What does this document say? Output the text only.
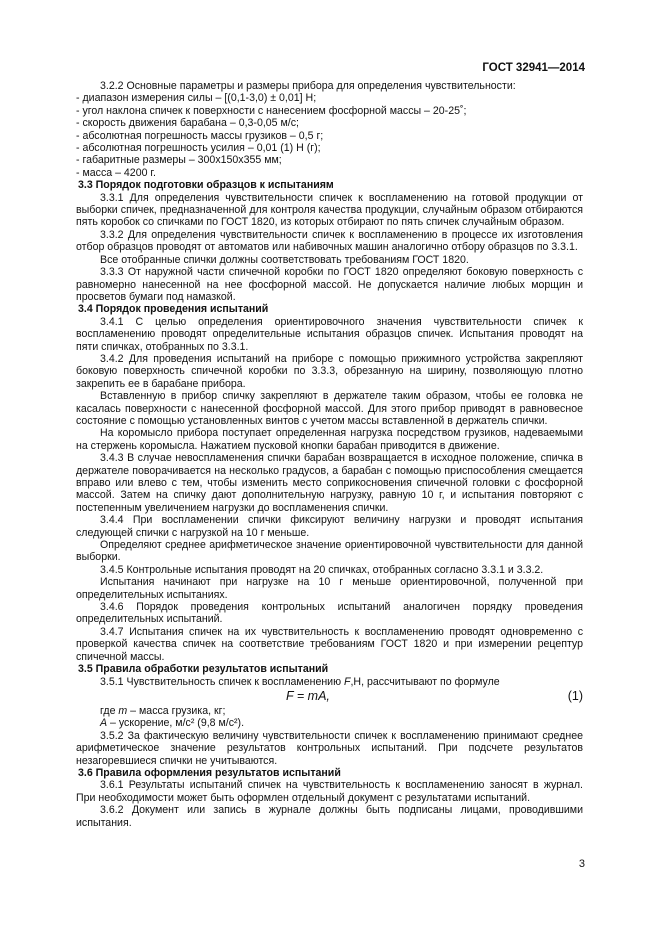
ГОСТ 32941—2014

3.2.2 Основные параметры и размеры прибора для определения чувствительности:

- диапазон измерения силы – [(0,1-3,0) ± 0,01] Н;

- угол наклона спичек к поверхности с нанесением фосфорной массы – 20-25˚;

- скорость движения барабана – 0,3-0,05 м/с;

- абсолютная погрешность массы грузиков – 0,5 г;

- абсолютная погрешность усилия – 0,01 (1) Н (г);

- габаритные размеры – 300x150x355 мм;

- масса – 4200 г.

3.3 Порядок подготовки образцов к испытаниям

3.3.1 Для определения чувствительности спичек к воспламенению на готовой продукции от выборки спичек, предназначенной для контроля качества продукции, случайным образом отбираются пять коробок со спичками по ГОСТ 1820, из которых отбирают по пять спичек случайным образом.

3.3.2 Для определения чувствительности спичек к воспламенению в процессе их изготовления отбор образцов проводят от автоматов или набивочных машин аналогично отбору образцов по 3.3.1.

Все отобранные спички должны соответствовать требованиям ГОСТ 1820.

3.3.3 От наружной части спичечной коробки по ГОСТ 1820 определяют боковую поверхность с равномерно нанесенной на нее фосфорной массой. Не допускается наличие любых морщин и просветов бумаги под намазкой.

3.4 Порядок проведения испытаний

3.4.1 С целью определения ориентировочного значения чувствительности спичек к воспламенению проводят определительные испытания образцов спичек. Испытания проводят на пяти спичках, отобранных по 3.3.1.

3.4.2 Для проведения испытаний на приборе с помощью прижимного устройства закрепляют боковую поверхность спичечной коробки по 3.3.3, обрезанную на ширину, позволяющую плотно закрепить ее в барабане прибора.

Вставленную в прибор спичку закрепляют в держателе таким образом, чтобы ее головка не касалась поверхности с нанесенной фосфорной массой. Для этого прибор приводят в равновесное состояние с помощью установленных винтов с учетом массы вставленной в держатель спички.

На коромысло прибора поступает определенная нагрузка посредством грузиков, надеваемыми на стержень коромысла. Нажатием пусковой кнопки барабан приводится в движение.

3.4.3 В случае невоспламенения спички барабан возвращается в исходное положение, спичка в держателе поворачивается на несколько градусов, а барабан с помощью приспособления смещается вправо или влево с тем, чтобы изменить место соприкосновения спичечной головки с фосфорной массой. Затем на спичку дают дополнительную нагрузку, равную 10 г, и испытания повторяют с постепенным увеличением нагрузки до воспламенения спички.

3.4.4 При воспламенении спички фиксируют величину нагрузки и проводят испытания следующей спички с нагрузкой на 10 г меньше.

Определяют среднее арифметическое значение ориентировочной чувствительности для данной выборки.

3.4.5 Контрольные испытания проводят на 20 спичках, отобранных согласно 3.3.1 и 3.3.2.

Испытания начинают при нагрузке на 10 г меньше ориентировочной, полученной при определительных испытаниях.

3.4.6 Порядок проведения контрольных испытаний аналогичен порядку проведения определительных испытаний.

3.4.7 Испытания спичек на их чувствительность к воспламенению проводят одновременно с проверкой качества спичек на соответствие требованиям ГОСТ 1820 и при измерении рецептур спичечной массы.

3.5 Правила обработки результатов испытаний

3.5.1 Чувствительность спичек к воспламенению F,Н, рассчитывают по формуле

F = mA,	(1)

где m – масса грузика, кг;

A – ускорение, м/с² (9,8 м/с²).

3.5.2 За фактическую величину чувствительности спичек к воспламенению принимают среднее арифметическое значение результатов контрольных испытаний. При подсчете результатов незагоревшиеся спички не учитываются.

3.6 Правила оформления результатов испытаний

3.6.1 Результаты испытаний спичек на чувствительность к воспламенению заносят в журнал. При необходимости может быть оформлен отдельный документ с результатами испытаний.

3.6.2 Документ или запись в журнале должны быть подписаны лицами, проводившими испытания.

3
